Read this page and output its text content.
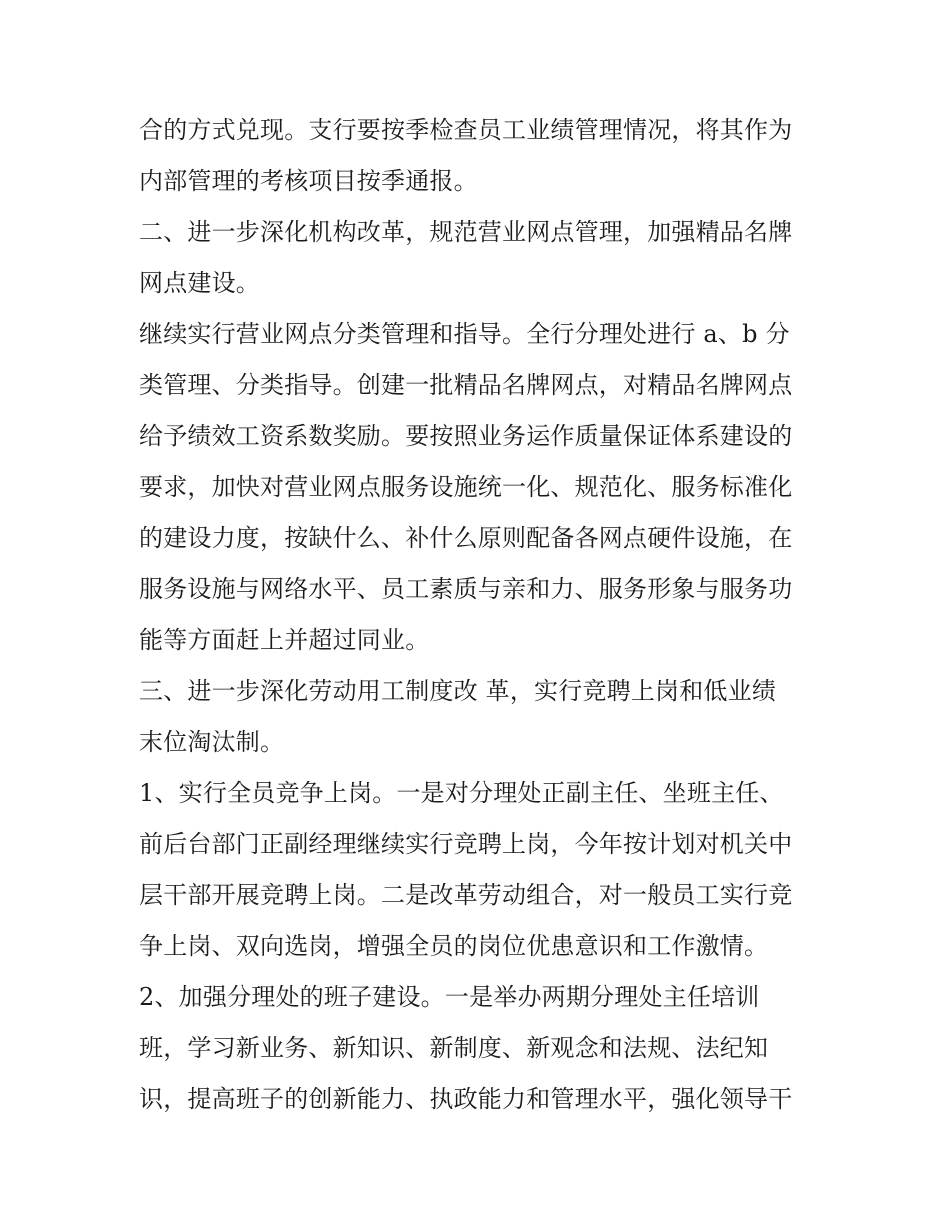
合的方式兑现。支行要按季检查员工业绩管理情况，将其作为
内部管理的考核项目按季通报。
二、进一步深化机构改革，规范营业网点管理，加强精品名牌
网点建设。
继续实行营业网点分类管理和指导。全行分理处进行 a、b 分
类管理、分类指导。创建一批精品名牌网点，对精品名牌网点
给予绩效工资系数奖励。要按照业务运作质量保证体系建设的
要求，加快对营业网点服务设施统一化、规范化、服务标准化
的建设力度，按缺什么、补什么原则配备各网点硬件设施，在
服务设施与网络水平、员工素质与亲和力、服务形象与服务功
能等方面赶上并超过同业。
三、进一步深化劳动用工制度改 革，实行竞聘上岗和低业绩
末位淘汰制。
1、实行全员竞争上岗。一是对分理处正副主任、坐班主任、
前后台部门正副经理继续实行竞聘上岗，今年按计划对机关中
层干部开展竞聘上岗。二是改革劳动组合，对一般员工实行竞
争上岗、双向选岗，增强全员的岗位优患意识和工作激情。
2、加强分理处的班子建设。一是举办两期分理处主任培训
班，学习新业务、新知识、新制度、新观念和法规、法纪知
识，提高班子的创新能力、执政能力和管理水平，强化领导干
